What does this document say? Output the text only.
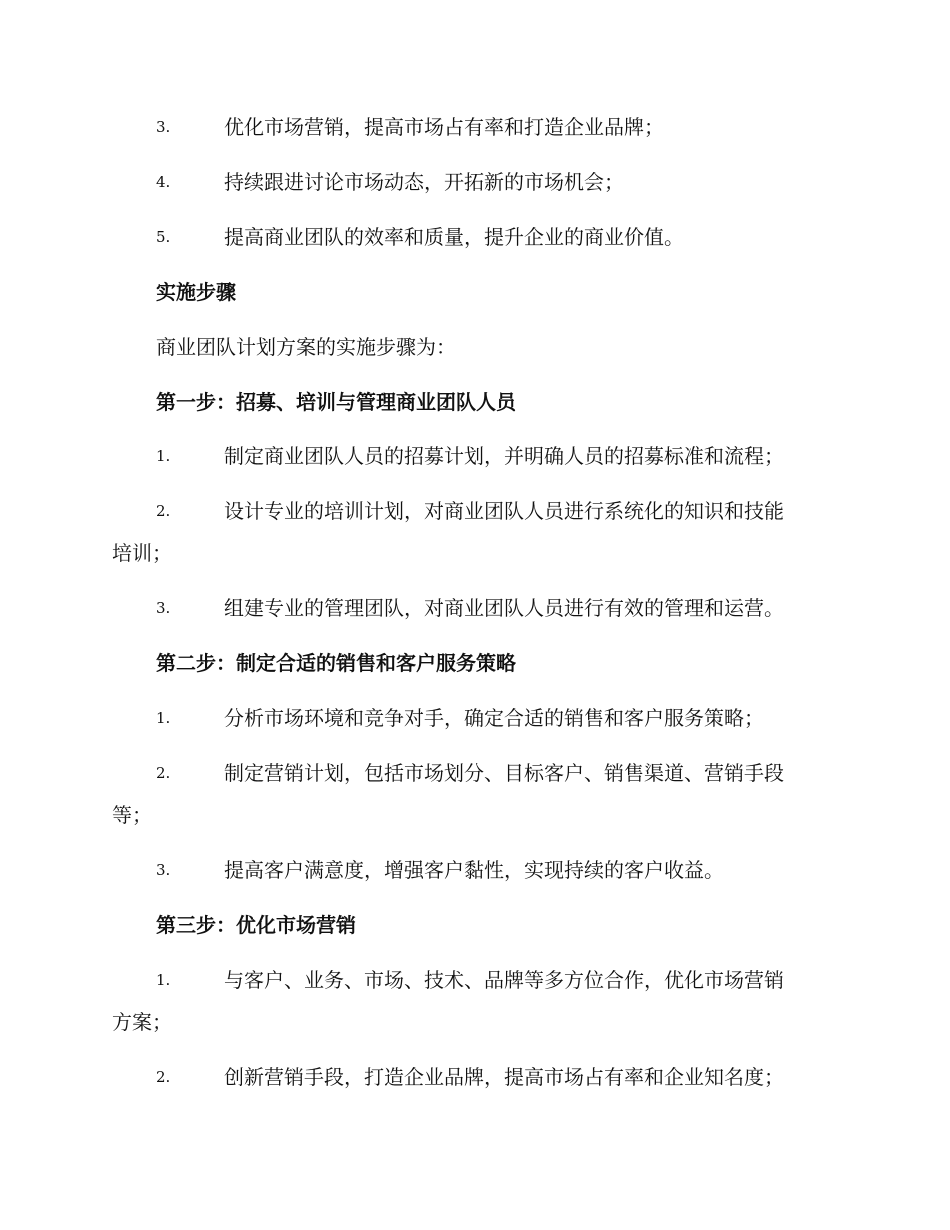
3.	优化市场营销，提高市场占有率和打造企业品牌；
4.	持续跟进讨论市场动态，开拓新的市场机会；
5.	提高商业团队的效率和质量，提升企业的商业价值。
实施步骤
商业团队计划方案的实施步骤为：
第一步：招募、培训与管理商业团队人员
1.	制定商业团队人员的招募计划，并明确人员的招募标准和流程；
2.	设计专业的培训计划，对商业团队人员进行系统化的知识和技能
培训；
3.	组建专业的管理团队，对商业团队人员进行有效的管理和运营。
第二步：制定合适的销售和客户服务策略
1.	分析市场环境和竞争对手，确定合适的销售和客户服务策略；
2.	制定营销计划，包括市场划分、目标客户、销售渠道、营销手段
等；
3.	提高客户满意度，增强客户黏性，实现持续的客户收益。
第三步：优化市场营销
1.	与客户、业务、市场、技术、品牌等多方位合作，优化市场营销
方案；
2.	创新营销手段，打造企业品牌，提高市场占有率和企业知名度；
